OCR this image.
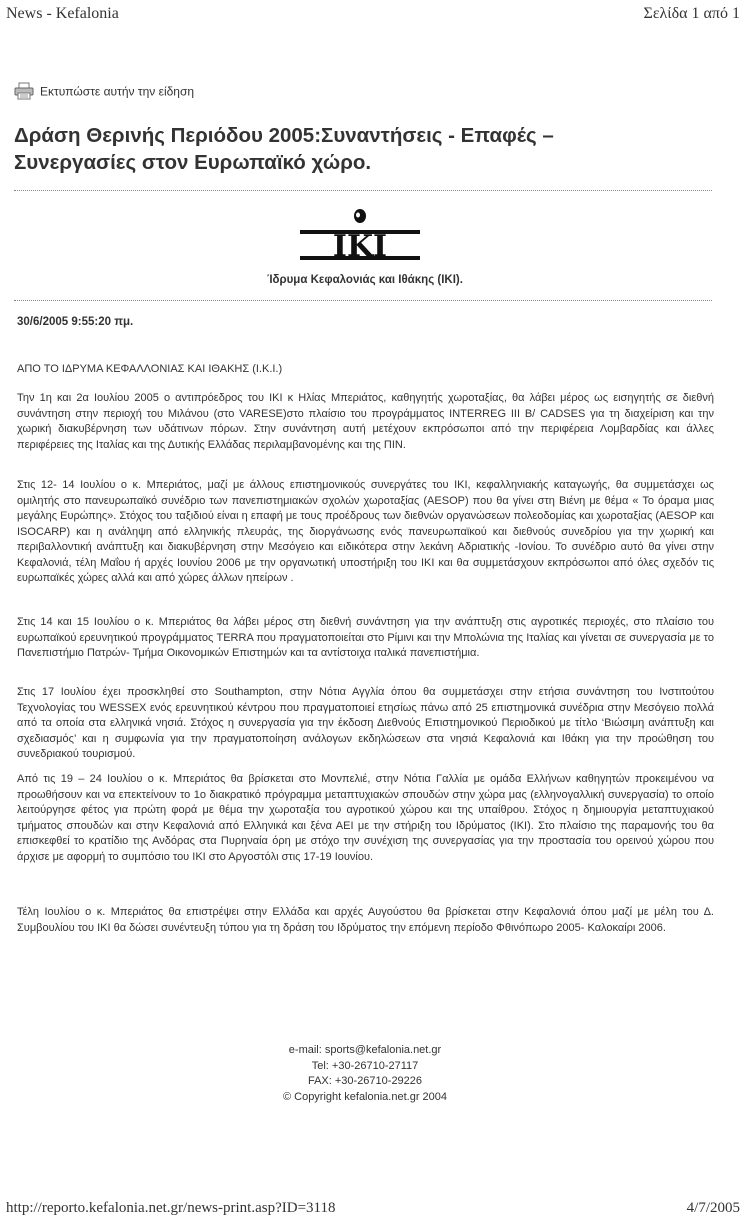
News - Kefalonia	Σελίδα 1 από 1
Εκτυπώστε αυτήν την είδηση
Δράση Θερινής Περιόδου 2005:Συναντήσεις - Επαφές –
Συνεργασίες στον Ευρωπαϊκό χώρο.
IKI
Ίδρυμα Κεφαλονιάς και Ιθάκης (ΙΚΙ).
30/6/2005 9:55:20 πμ.
ΑΠΟ ΤΟ ΙΔΡΥΜΑ ΚΕΦΑΛΛΟΝΙΑΣ ΚΑΙ ΙΘΑΚΗΣ (Ι.Κ.Ι.)

Την 1η και 2α Ιουλίου 2005 ο αντιπρόεδρος του ΙΚΙ κ Ηλίας Μπεριάτος, καθηγητής χωροταξίας, θα λάβει μέρος ως εισηγητής σε διεθνή συνάντηση στην περιοχή του Μιλάνου (στο VARESE)στο πλαίσιο του προγράμματος INTERREG III B/ CADSES για τη διαχείριση και την χωρική διακυβέρνηση των υδάτινων πόρων. Στην συνάντηση αυτή μετέχουν εκπρόσωποι από την περιφέρεια Λομβαρδίας και άλλες περιφέρειες της Ιταλίας και της Δυτικής Ελλάδας περιλαμβανομένης και της ΠΙΝ.

Στις 12- 14 Ιουλίου ο κ. Μπεριάτος, μαζί με άλλους επιστημονικούς συνεργάτες του ΙΚΙ, κεφαλληνιακής καταγωγής, θα συμμετάσχει ως ομιλητής στο πανευρωπαϊκό συνέδριο των πανεπιστημιακών σχολών χωροταξίας (AESOP) που θα γίνει στη Βιένη με θέμα « Το όραμα μιας μεγάλης Ευρώπης». Στόχος του ταξιδιού είναι η επαφή με τους προέδρους των διεθνών οργανώσεων πολεοδομίας και χωροταξίας (AESOP και ISOCARP) και η ανάληψη από ελληνικής πλευράς, της διοργάνωσης ενός πανευρωπαϊκού και διεθνούς συνεδρίου για την χωρική και περιβαλλοντική ανάπτυξη και διακυβέρνηση στην Μεσόγειο και ειδικότερα στην λεκάνη Αδριατικής -Ιονίου. Το συνέδριο αυτό θα γίνει στην Κεφαλονιά, τέλη Μαΐου ή αρχές Ιουνίου 2006 με την οργανωτική υποστήριξη του ΙΚΙ και θα συμμετάσχουν εκπρόσωποι από όλες σχεδόν τις ευρωπαϊκές χώρες αλλά και από χώρες άλλων ηπείρων .

Στις 14 και 15 Ιουλίου ο κ. Μπεριάτος θα λάβει μέρος στη διεθνή συνάντηση για την ανάπτυξη στις αγροτικές περιοχές, στο πλαίσιο του ευρωπαϊκού ερευνητικού προγράμματος TERRA που πραγματοποιείται στο Ρίμινι και την Μπολώνια της Ιταλίας και γίνεται σε συνεργασία με το Πανεπιστήμιο Πατρών- Τμήμα Οικονομικών Επιστημών και τα αντίστοιχα ιταλικά πανεπιστήμια.

Στις 17 Ιουλίου έχει προσκληθεί στο Southampton, στην Νότια Αγγλία όπου θα συμμετάσχει στην ετήσια συνάντηση του Ινστιτούτου Τεχνολογίας του WESSEX ενός ερευνητικού κέντρου που πραγματοποιεί ετησίως πάνω από 25 επιστημονικά συνέδρια στην Μεσόγειο πολλά από τα οποία στα ελληνικά νησιά. Στόχος η συνεργασία για την έκδοση Διεθνούς Επιστημονικού Περιοδικού με τίτλο ‘Βιώσιμη ανάπτυξη και σχεδιασμός’ και η συμφωνία για την πραγματοποίηση ανάλογων εκδηλώσεων στα νησιά Κεφαλονιά και Ιθάκη για την προώθηση του συνεδριακού τουρισμού.

Από τις 19 – 24 Ιουλίου ο κ. Μπεριάτος θα βρίσκεται στο Μονπελιέ, στην Νότια Γαλλία με ομάδα Ελλήνων καθηγητών προκειμένου να προωθήσουν και να επεκτείνουν το 1ο διακρατικό πρόγραμμα μεταπτυχιακών σπουδών στην χώρα μας (ελληνογαλλική συνεργασία) το οποίο λειτούργησε φέτος για πρώτη φορά με θέμα την χωροταξία του αγροτικού χώρου και της υπαίθρου. Στόχος η δημιουργία μεταπτυχιακού τμήματος σπουδών και στην Κεφαλονιά από Ελληνικά και ξένα ΑΕΙ με την στήριξη του Ιδρύματος (ΙΚΙ). Στο πλαίσιο της παραμονής του θα επισκεφθεί το κρατίδιο της Ανδόρας στα Πυρηναία όρη με στόχο την συνέχιση της συνεργασίας για την προστασία του ορεινού χώρου που άρχισε με αφορμή το συμπόσιο του ΙΚΙ στο Αργοστόλι στις 17-19 Ιουνίου.

Τέλη Ιουλίου ο κ. Μπεριάτος θα επιστρέψει στην Ελλάδα και αρχές Αυγούστου θα βρίσκεται στην Κεφαλονιά όπου μαζί με μέλη του Δ. Συμβουλίου του ΙΚΙ θα δώσει συνέντευξη τύπου για τη δράση του Ιδρύματος την επόμενη περίοδο Φθινόπωρο 2005- Καλοκαίρι 2006.

e-mail: sports@kefalonia.net.gr
Tel: +30-26710-27117
FAX: +30-26710-29226
© Copyright kefalonia.net.gr 2004
http://reporto.kefalonia.net.gr/news-print.asp?ID=3118	4/7/2005
